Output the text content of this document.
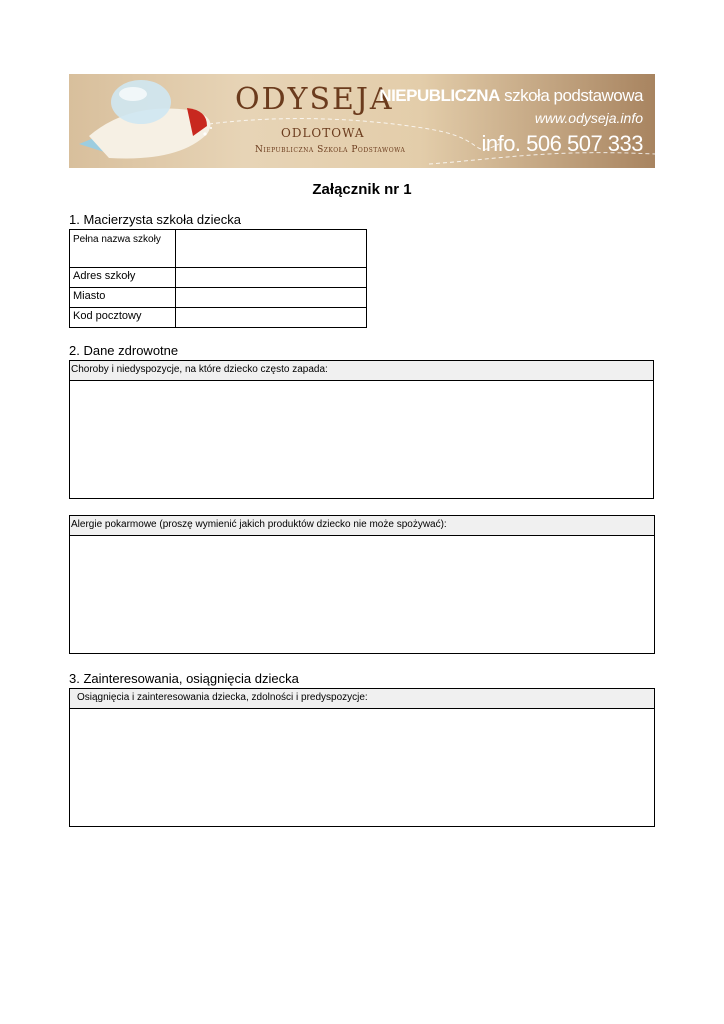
ODYSEJA
ODLOTOWA
Niepubliczna Szkoła Podstawowa
NIEPUBLICZNA szkoła podstawowa
www.odyseja.info
info. 506 507 333
Załącznik nr 1
1. Macierzysta szkoła dziecka
Pełna nazwa szkoły	
Adres szkoły	
Miasto	
Kod pocztowy	
2. Dane zdrowotne
Choroby i niedyspozycje, na które dziecko często zapada:
Alergie pokarmowe (proszę wymienić jakich produktów dziecko nie może spożywać):
3. Zainteresowania, osiągnięcia dziecka
Osiągnięcia i zainteresowania dziecka, zdolności i predyspozycje:
